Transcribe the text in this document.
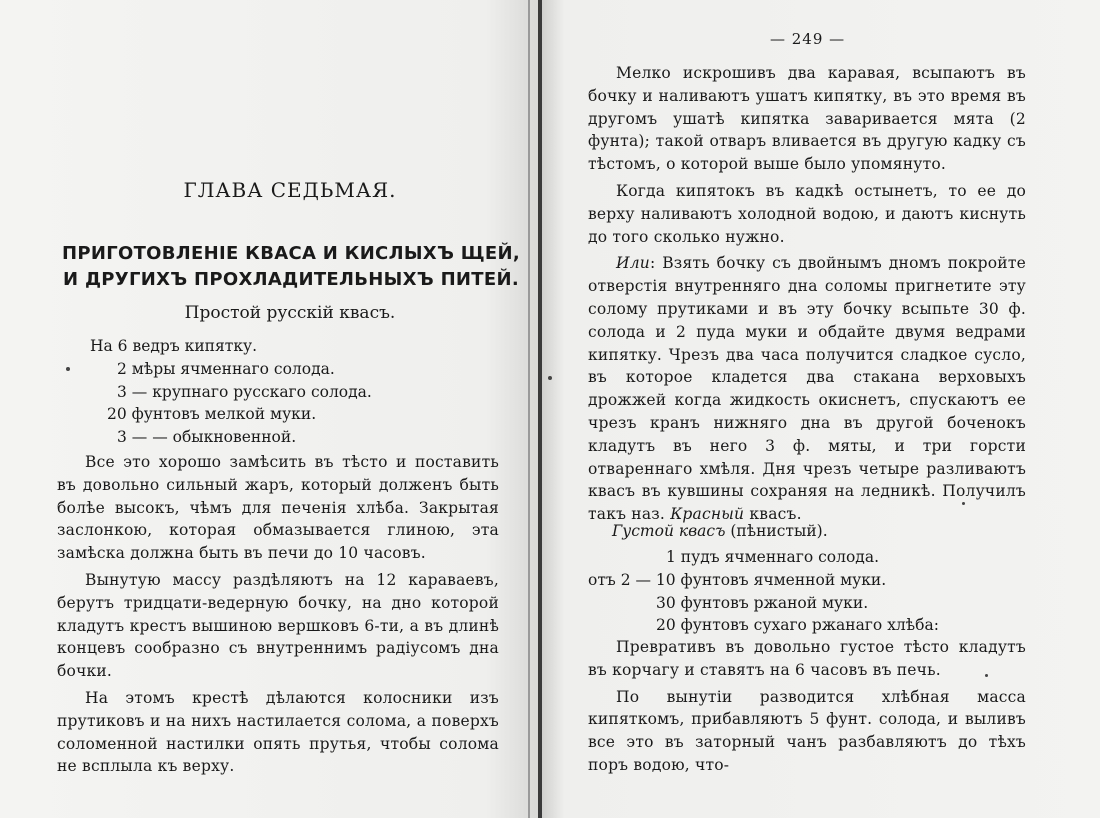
ГЛАВА СЕДЬМАЯ.
ПРИГОТОВЛЕНIЕ КВАСА И КИСЛЫХЪ ЩЕЙ,
И ДРУГИХЪ ПРОХЛАДИТЕЛЬНЫХЪ ПИТЕЙ.
Простой русскiй квасъ.
На 6 ведръ кипятку.
2 мѣры ячменнаго солода.
3 — крупнаго русскаго солода.
20 фунтовъ мелкой муки.
3 — — обыкновенной.

Все это хорошо замѣсить въ тѣсто и поставить въ довольно сильный жаръ, который долженъ быть болѣе высокъ, чѣмъ для печенiя хлѣба. Закрытая заслонкою, которая обмазывается глиною, эта замѣска должна быть въ печи до 10 часовъ.

Вынутую массу раздѣляютъ на 12 караваевъ, берутъ тридцати-ведерную бочку, на дно которой кладутъ крестъ вышиною вершковъ 6-ти, а въ длинѣ концевъ сообразно съ внутреннимъ радiусомъ дна бочки.

На этомъ крестѣ дѣлаются колосники изъ прутиковъ и на нихъ настилается солома, а поверхъ соломенной настилки опять прутья, чтобы солома не всплыла къ верху.

— 249 —

Мелко искрошивъ два каравая, всыпаютъ въ бочку и наливаютъ ушатъ кипятку, въ это время въ другомъ ушатѣ кипятка заваривается мята (2 фунта); такой отваръ вливается въ другую кадку съ тѣстомъ, о которой выше было упомянуто.

Когда кипятокъ въ кадкѣ остынетъ, то ее до верху наливаютъ холодной водою, и даютъ киснуть до того сколько нужно.

Или: Взять бочку съ двойнымъ дномъ покройте отверстiя внутренняго дна соломы пригнетите эту солому прутиками и въ эту бочку всыпьте 30 ф. солода и 2 пуда муки и обдайте двумя ведрами кипятку. Чрезъ два часа получится сладкое сусло, въ которое кладется два стакана верховыхъ дрожжей когда жидкость окиснетъ, спускаютъ ее чрезъ кранъ нижняго дна въ другой боченокъ кладутъ въ него 3 ф. мяты, и три горсти отвареннаго хмѣля. Дня чрезъ четыре разливаютъ квасъ въ кувшины сохраняя на ледникѣ. Получилъ такъ наз. Красный квасъ.

Густой квасъ (пѣнистый).
1 пудъ ячменнаго солода.
отъ 2 — 10 фунтовъ ячменной муки.
30 фунтовъ ржаной муки.
20 фунтовъ сухаго ржанаго хлѣба:

Превративъ въ довольно густое тѣсто кладутъ въ корчагу и ставятъ на 6 часовъ въ печь.

По вынутiи разводится хлѣбная масса кипяткомъ, прибавляютъ 5 фунт. солода, и выливъ все это въ заторный чанъ разбавляютъ до тѣхъ поръ водою, что-
